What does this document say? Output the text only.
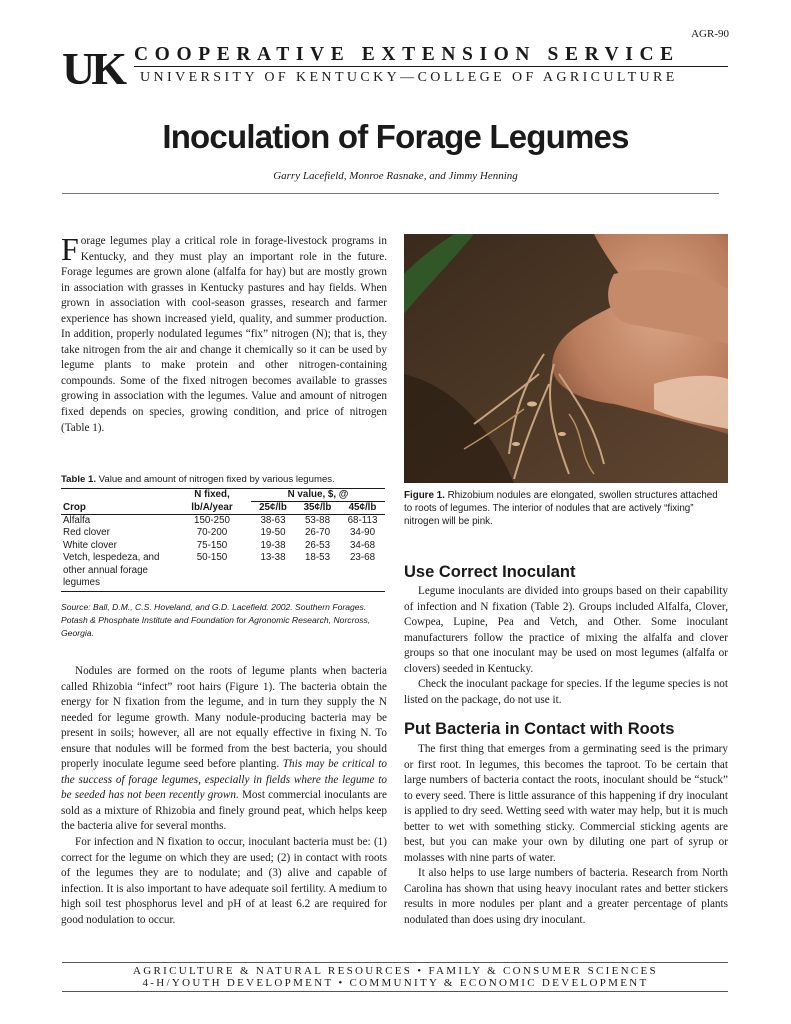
AGR-90
UK COOPERATIVE EXTENSION SERVICE
UNIVERSITY OF KENTUCKY—COLLEGE OF AGRICULTURE
Inoculation of Forage Legumes
Garry Lacefield, Monroe Rasnake, and Jimmy Henning

Forage legumes play a critical role in forage-livestock programs in Kentucky, and they must play an important role in the future. Forage legumes are grown alone (alfalfa for hay) but are mostly grown in association with grasses in Kentucky pastures and hay fields. When grown in association with cool-season grasses, research and farmer experience has shown increased yield, quality, and summer production. In addition, properly nodulated legumes “fix” nitrogen (N); that is, they take nitrogen from the air and change it chemically so it can be used by legume plants to make protein and other nitrogen-containing compounds. Some of the fixed nitrogen becomes available to grasses growing in association with the legumes. Value and amount of nitrogen fixed depends on species, growing condition, and price of nitrogen (Table 1).

Table 1. Value and amount of nitrogen fixed by various legumes.
	N fixed,	N value, $, @		
Crop	lb/A/year	25¢/lb	35¢/lb	45¢/lb
Alfalfa	150-250	38-63	53-88	68-113
Red clover	70-200	19-50	26-70	34-90
White clover	75-150	19-38	26-53	34-68
Vetch, lespedeza, and other annual forage legumes	50-150	13-38	18-53	23-68
Source: Ball, D.M., C.S. Hoveland, and G.D. Lacefield. 2002. Southern Forages. Potash & Phosphate Institute and Foundation for Agronomic Research, Norcross, Georgia.

Nodules are formed on the roots of legume plants when bacteria called Rhizobia “infect” root hairs (Figure 1). The bacteria obtain the energy for N fixation from the legume, and in turn they supply the N needed for legume growth. Many nodule-producing bacteria may be present in soils; however, all are not equally effective in fixing N. To ensure that nodules will be formed from the best bacteria, you should properly inoculate legume seed before planting. This may be critical to the success of forage legumes, especially in fields where the legume to be seeded has not been recently grown. Most commercial inoculants are sold as a mixture of Rhizobia and finely ground peat, which helps keep the bacteria alive for several months.

For infection and N fixation to occur, inoculant bacteria must be: (1) correct for the legume on which they are used; (2) in contact with roots of the legumes they are to nodulate; and (3) alive and capable of infection. It is also important to have adequate soil fertility. A medium to high soil test phosphorus level and pH of at least 6.2 are required for good nodulation to occur.

Figure 1. Rhizobium nodules are elongated, swollen structures attached to roots of legumes. The interior of nodules that are actively “fixing” nitrogen will be pink.
Use Correct Inoculant

Legume inoculants are divided into groups based on their capability of infection and N fixation (Table 2). Groups included Alfalfa, Clover, Cowpea, Lupine, Pea and Vetch, and Other. Some inoculant manufacturers follow the practice of mixing the alfalfa and clover groups so that one inoculant may be used on most legumes (alfalfa or clovers) seeded in Kentucky.

Check the inoculant package for species. If the legume species is not listed on the package, do not use it.

Put Bacteria in Contact with Roots

The first thing that emerges from a germinating seed is the primary or first root. In legumes, this becomes the taproot. To be certain that large numbers of bacteria contact the roots, inoculant should be “stuck” to every seed. There is little assurance of this happening if dry inoculant is applied to dry seed. Wetting seed with water may help, but it is much better to wet with something sticky. Commercial sticking agents are best, but you can make your own by diluting one part of syrup or molasses with nine parts of water.

It also helps to use large numbers of bacteria. Research from North Carolina has shown that using heavy inoculant rates and better stickers results in more nodules per plant and a greater percentage of plants nodulated than does using dry inoculant.

AGRICULTURE & NATURAL RESOURCES • FAMILY & CONSUMER SCIENCES
4-H/YOUTH DEVELOPMENT • COMMUNITY & ECONOMIC DEVELOPMENT
